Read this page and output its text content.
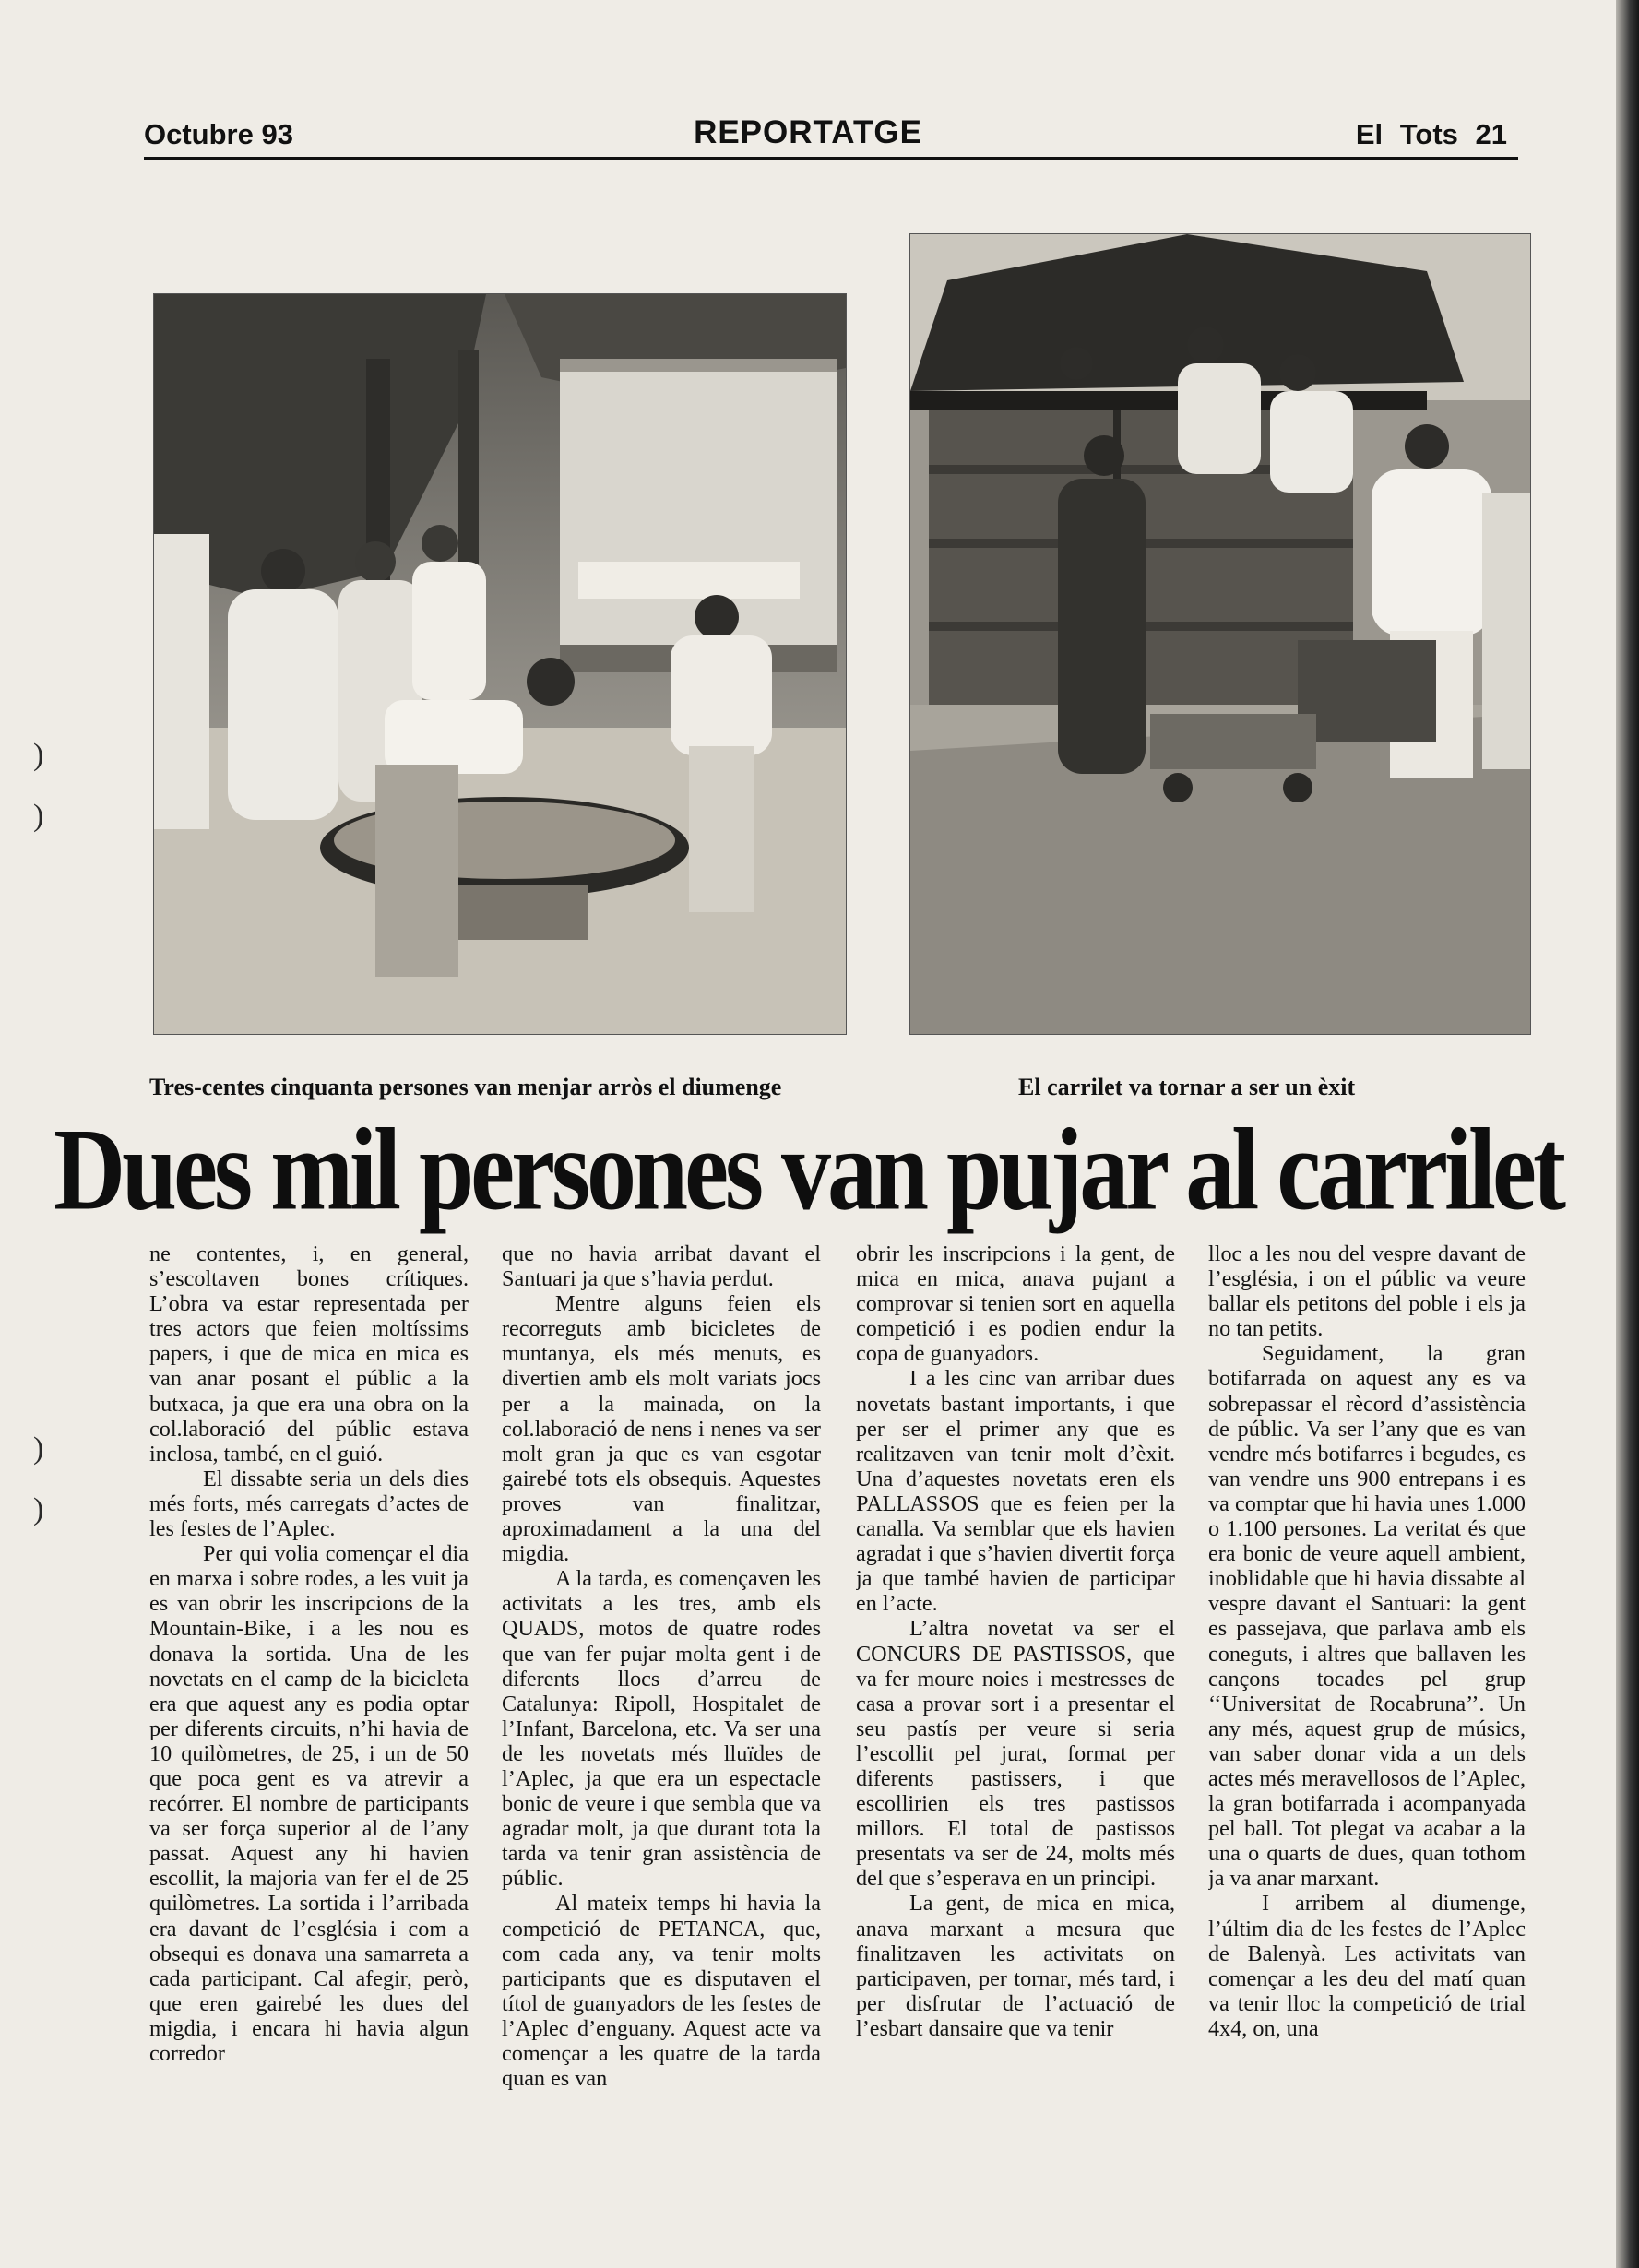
Octubre 93	REPORTATGE	El Tots 21
Tres-centes cinquanta persones van menjar arròs el diumenge	El carrilet va tornar a ser un èxit
Dues mil persones van pujar al carrilet

ne contentes, i, en general, s’escoltaven bones crítiques. L’obra va estar representada per tres actors que feien moltíssims papers, i que de mica en mica es van anar posant el públic a la butxaca, ja que era una obra on la col.laboració del públic estava inclosa, també, en el guió.

El dissabte seria un dels dies més forts, més carregats d’actes de les festes de l’Aplec.

Per qui volia començar el dia en marxa i sobre rodes, a les vuit ja es van obrir les inscripcions de la Mountain-Bike, i a les nou es donava la sortida. Una de les novetats en el camp de la bicicleta era que aquest any es podia optar per diferents circuits, n’hi havia de 10 quilòmetres, de 25, i un de 50 que poca gent es va atrevir a recórrer. El nombre de participants va ser força superior al de l’any passat. Aquest any hi havien escollit, la majoria van fer el de 25 quilòmetres. La sortida i l’arribada era davant de l’església i com a obsequi es donava una samarreta a cada participant. Cal afegir, però, que eren gairebé les dues del migdia, i encara hi havia algun corredor

que no havia arribat davant el Santuari ja que s’havia perdut.

Mentre alguns feien els recorreguts amb bicicletes de muntanya, els més menuts, es divertien amb els molt variats jocs per a la mainada, on la col.laboració de nens i nenes va ser molt gran ja que es van esgotar gairebé tots els obsequis. Aquestes proves van finalitzar, aproximadament a la una del migdia.

A la tarda, es començaven les activitats a les tres, amb els QUADS, motos de quatre rodes que van fer pujar molta gent i de diferents llocs d’arreu de Catalunya: Ripoll, Hospitalet de l’Infant, Barcelona, etc. Va ser una de les novetats més lluïdes de l’Aplec, ja que era un espectacle bonic de veure i que sembla que va agradar molt, ja que durant tota la tarda va tenir gran assistència de públic.

Al mateix temps hi havia la competició de PETANCA, que, com cada any, va tenir molts participants que es disputaven el títol de guanyadors de les festes de l’Aplec d’enguany. Aquest acte va començar a les quatre de la tarda quan es van

obrir les inscripcions i la gent, de mica en mica, anava pujant a comprovar si tenien sort en aquella competició i es podien endur la copa de guanyadors.

I a les cinc van arribar dues novetats bastant importants, i que per ser el primer any que es realitzaven van tenir molt d’èxit. Una d’aquestes novetats eren els PALLASSOS que es feien per la canalla. Va semblar que els havien agradat i que s’havien divertit força ja que també havien de participar en l’acte.

L’altra novetat va ser el CONCURS DE PASTISSOS, que va fer moure noies i mestresses de casa a provar sort i a presentar el seu pastís per veure si seria l’escollit pel jurat, format per diferents pastissers, i que escollirien els tres pastissos millors. El total de pastissos presentats va ser de 24, molts més del que s’esperava en un principi.

La gent, de mica en mica, anava marxant a mesura que finalitzaven les activitats on participaven, per tornar, més tard, i per disfrutar de l’actuació de l’esbart dansaire que va tenir

lloc a les nou del vespre davant de l’església, i on el públic va veure ballar els petitons del poble i els ja no tan petits.

Seguidament, la gran botifarrada on aquest any es va sobrepassar el rècord d’assistència de públic. Va ser l’any que es van vendre més botifarres i begudes, es van vendre uns 900 entrepans i es va comptar que hi havia unes 1.000 o 1.100 persones. La veritat és que era bonic de veure aquell ambient, inoblidable que hi havia dissabte al vespre davant el Santuari: la gent es passejava, que parlava amb els coneguts, i altres que ballaven les cançons tocades pel grup ‘‘Universitat de Rocabruna’’. Un any més, aquest grup de músics, van saber donar vida a un dels actes més meravellosos de l’Aplec, la gran botifarrada i acompanyada pel ball. Tot plegat va acabar a la una o quarts de dues, quan tothom ja va anar marxant.

I arribem al diumenge, l’últim dia de les festes de l’Aplec de Balenyà. Les activitats van començar a les deu del matí quan va tenir lloc la competició de trial 4x4, on, una

)
)
)
)
